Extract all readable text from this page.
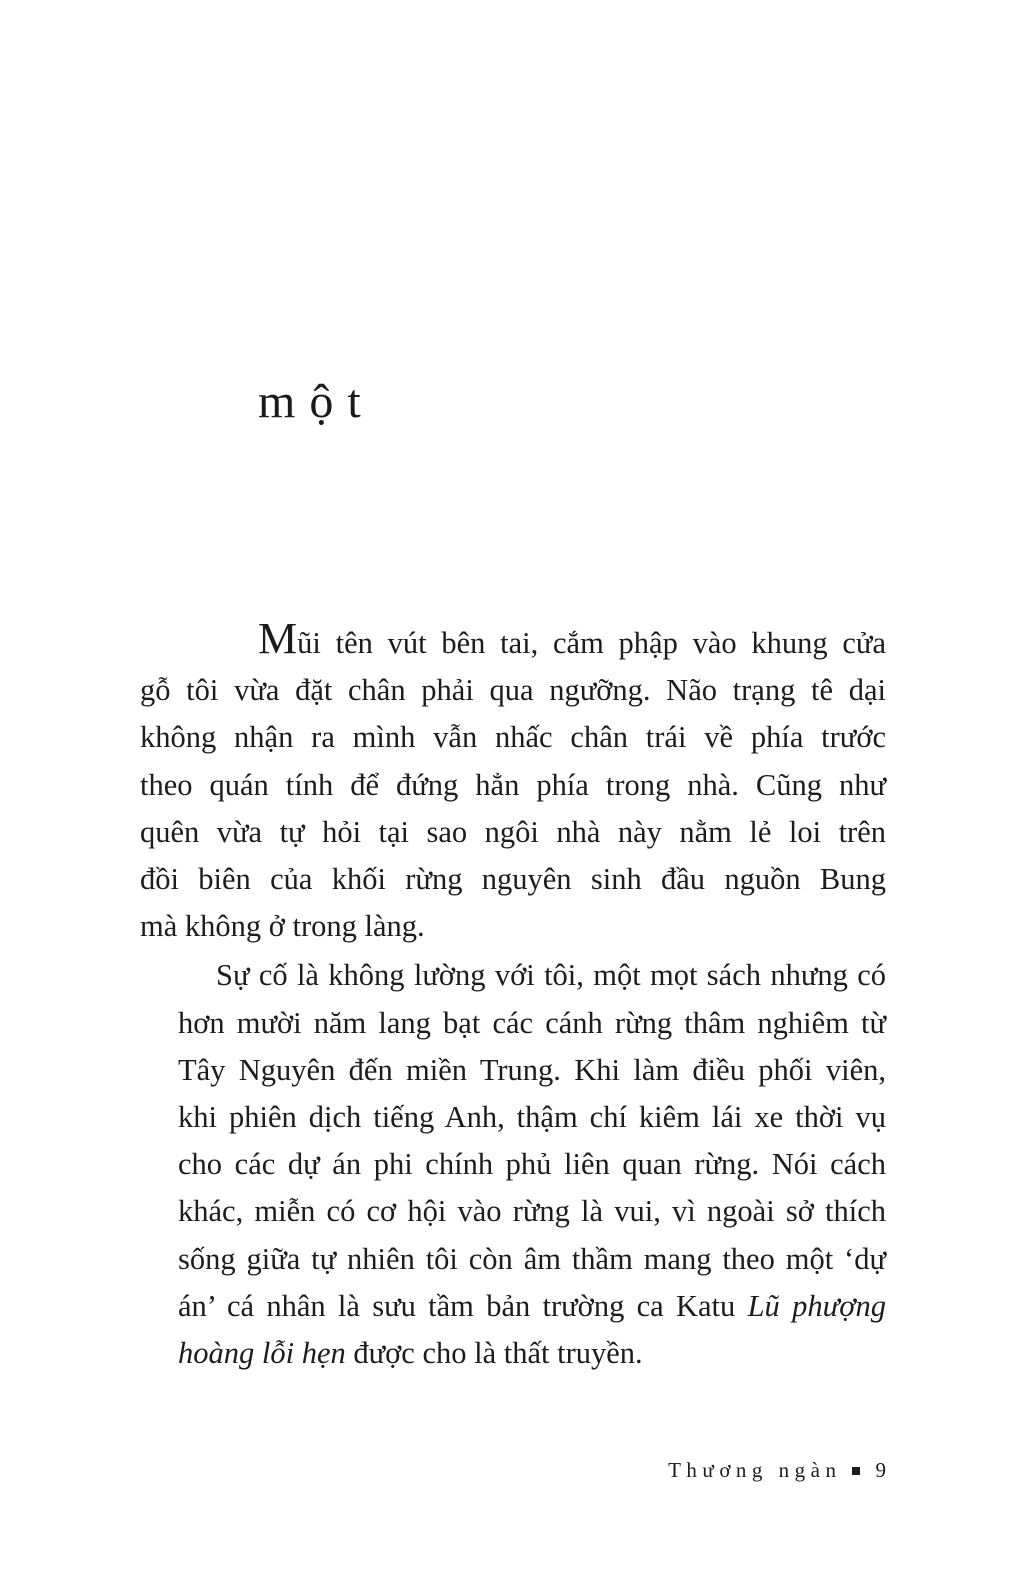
một
Mũi tên vút bên tai, cắm phập vào khung cửa
gỗ tôi vừa đặt chân phải qua ngưỡng. Não trạng tê dại
không nhận ra mình vẫn nhấc chân trái về phía trước
theo quán tính để đứng hẳn phía trong nhà. Cũng như
quên vừa tự hỏi tại sao ngôi nhà này nằm lẻ loi trên
đồi biên của khối rừng nguyên sinh đầu nguồn Bung
mà không ở trong làng.
Sự cố là không lường với tôi, một mọt sách nhưng có
hơn mười năm lang bạt các cánh rừng thâm nghiêm từ
Tây Nguyên đến miền Trung. Khi làm điều phối viên,
khi phiên dịch tiếng Anh, thậm chí kiêm lái xe thời vụ
cho các dự án phi chính phủ liên quan rừng. Nói cách
khác, miễn có cơ hội vào rừng là vui, vì ngoài sở thích
sống giữa tự nhiên tôi còn âm thầm mang theo một ‘dự
án’ cá nhân là sưu tầm bản trường ca Katu Lũ phượng
hoàng lỗi hẹn được cho là thất truyền.
Thương ngàn 9
